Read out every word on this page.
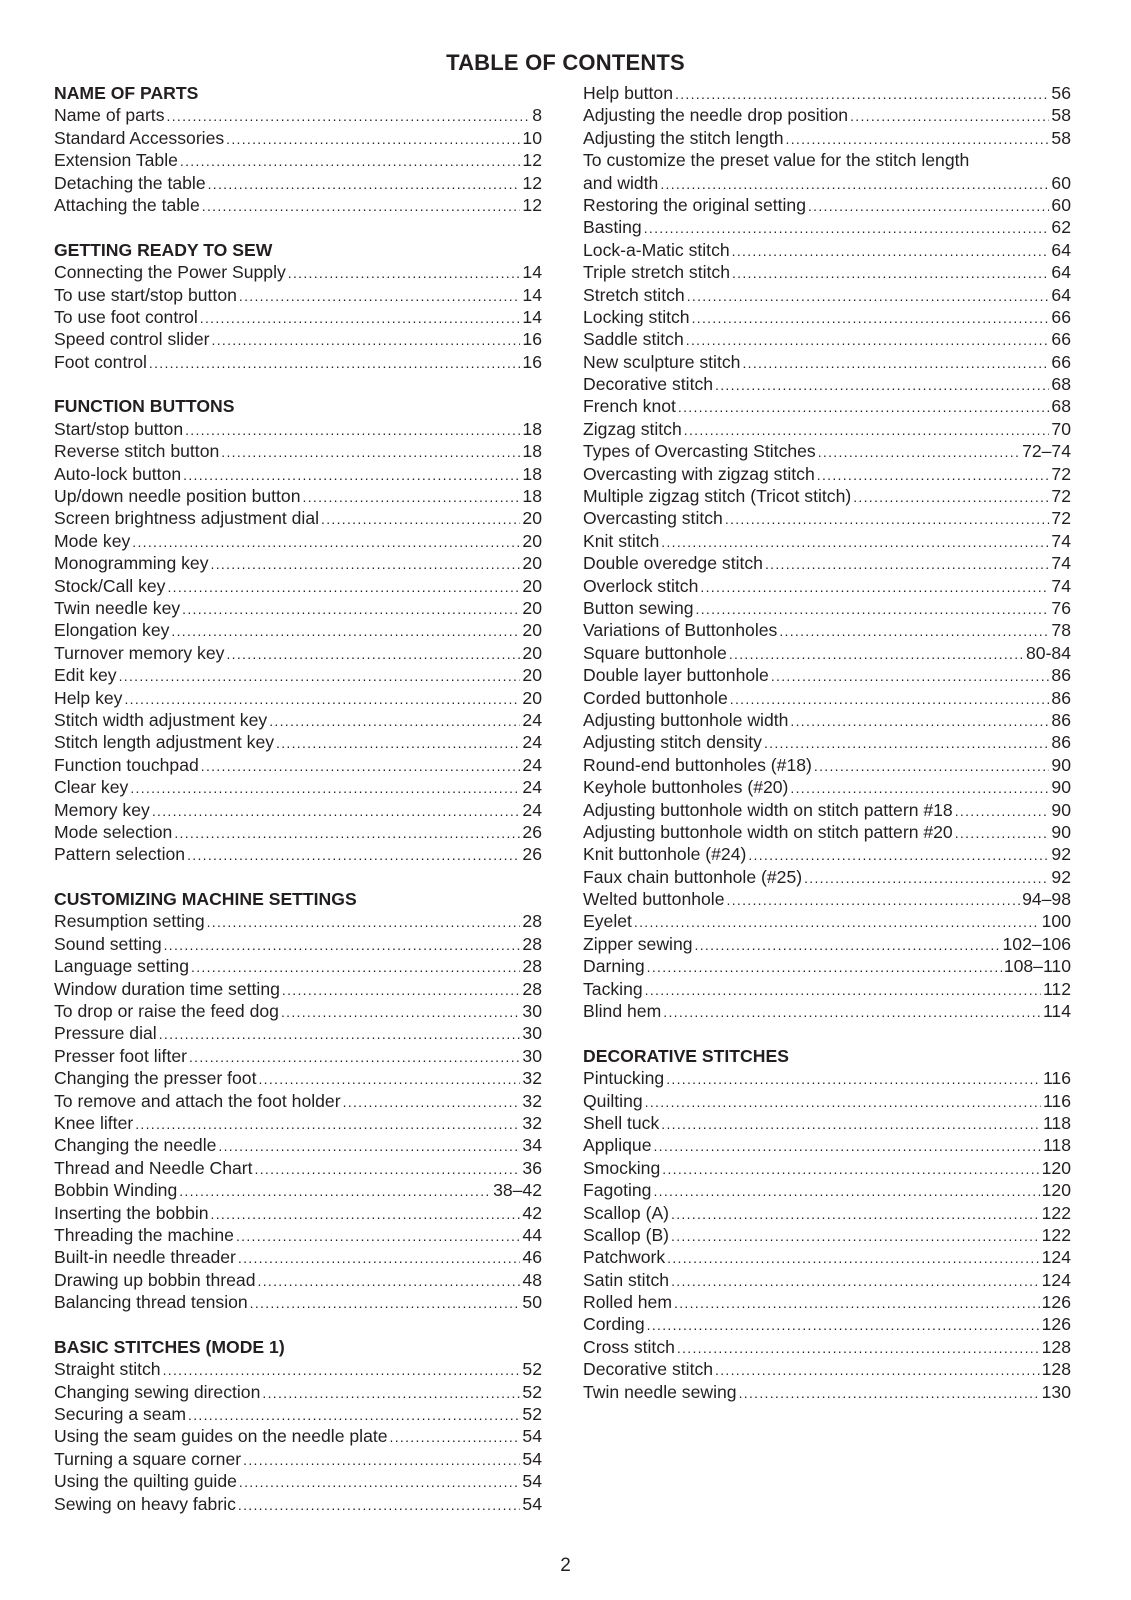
TABLE OF CONTENTS
NAME OF PARTS
Name of parts .....	8
Standard Accessories .....	10
Extension Table .....	12
Detaching the table .....	12
Attaching the table .....	12
GETTING READY TO SEW
Connecting the Power Supply .....	14
To use start/stop button .....	14
To use foot control .....	14
Speed control slider .....	16
Foot control .....	16
FUNCTION BUTTONS
Start/stop button .....	18
Reverse stitch button .....	18
Auto-lock button .....	18
Up/down needle position button .....	18
Screen brightness adjustment dial .....	20
Mode key .....	20
Monogramming key .....	20
Stock/Call key .....	20
Twin needle key .....	20
Elongation key .....	20
Turnover memory key .....	20
Edit key .....	20
Help key .....	20
Stitch width adjustment key .....	24
Stitch length adjustment key .....	24
Function touchpad .....	24
Clear key .....	24
Memory key .....	24
Mode selection .....	26
Pattern selection .....	26
CUSTOMIZING MACHINE SETTINGS
Resumption setting .....	28
Sound setting .....	28
Language setting .....	28
Window duration time setting .....	28
To drop or raise the feed dog .....	30
Pressure dial .....	30
Presser foot lifter .....	30
Changing the presser foot .....	32
To remove and attach the foot holder .....	32
Knee lifter .....	32
Changing the needle .....	34
Thread and Needle Chart .....	36
Bobbin Winding .....	38–42
Inserting the bobbin .....	42
Threading the machine .....	44
Built-in needle threader .....	46
Drawing up bobbin thread .....	48
Balancing thread tension .....	50
BASIC STITCHES (MODE 1)
Straight stitch .....	52
Changing sewing direction .....	52
Securing a seam .....	52
Using the seam guides on the needle plate .....	54
Turning a square corner .....	54
Using the quilting guide .....	54
Sewing on heavy fabric .....	54
Help button .....	56
Adjusting the needle drop position .....	58
Adjusting the stitch length .....	58
To customize the preset value for the stitch length
and width .....	60
Restoring the original setting .....	60
Basting .....	62
Lock-a-Matic stitch .....	64
Triple stretch stitch .....	64
Stretch stitch .....	64
Locking stitch .....	66
Saddle stitch .....	66
New sculpture stitch .....	66
Decorative stitch .....	68
French knot .....	68
Zigzag stitch .....	70
Types of Overcasting Stitches .....	72–74
Overcasting with zigzag stitch .....	72
Multiple zigzag stitch (Tricot stitch) .....	72
Overcasting stitch .....	72
Knit stitch .....	74
Double overedge stitch .....	74
Overlock stitch .....	74
Button sewing .....	76
Variations of Buttonholes .....	78
Square buttonhole .....	80-84
Double layer buttonhole .....	86
Corded buttonhole .....	86
Adjusting buttonhole width .....	86
Adjusting stitch density .....	86
Round-end buttonholes (#18) .....	90
Keyhole buttonholes (#20) .....	90
Adjusting buttonhole width on stitch pattern #18 .....	90
Adjusting buttonhole width on stitch pattern #20 .....	90
Knit buttonhole (#24) .....	92
Faux chain buttonhole (#25) .....	92
Welted buttonhole .....	94–98
Eyelet .....	100
Zipper sewing .....	102–106
Darning .....	108–110
Tacking .....	112
Blind hem .....	114
DECORATIVE STITCHES
Pintucking .....	116
Quilting .....	116
Shell tuck .....	118
Applique .....	118
Smocking .....	120
Fagoting .....	120
Scallop (A) .....	122
Scallop (B) .....	122
Patchwork .....	124
Satin stitch .....	124
Rolled hem .....	126
Cording .....	126
Cross stitch .....	128
Decorative stitch .....	128
Twin needle sewing .....	130
2
